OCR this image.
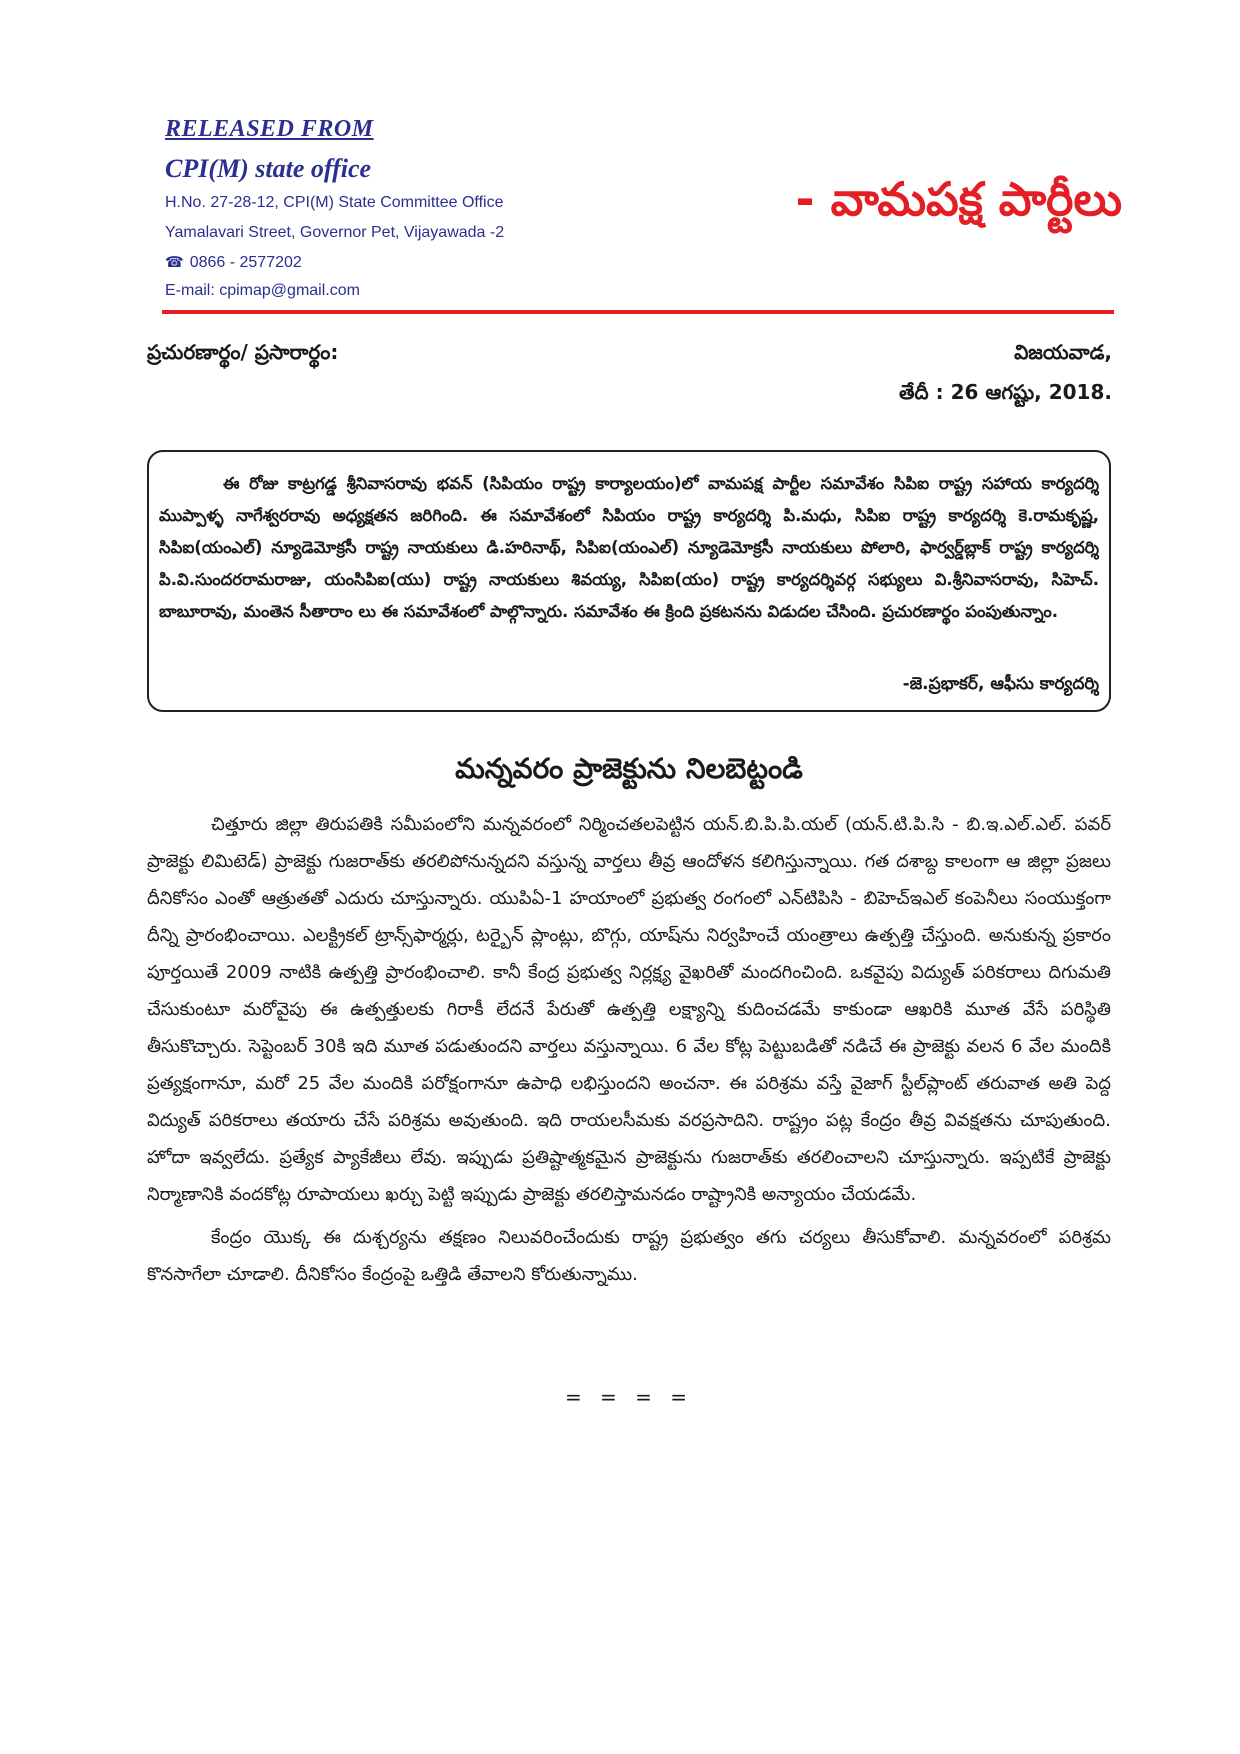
RELEASED FROM
CPI(M) state office
H.No. 27-28-12, CPI(M) State Committee Office
Yamalavari Street, Governor Pet, Vijayawada -2
☎ 0866 - 2577202
E-mail: cpimap@gmail.com
- వామపక్ష పార్టీలు
ప్రచురణార్థం/ ప్రసారార్థం:	విజయవాడ,
తేదీ : 26 ఆగష్టు, 2018.

ఈ రోజు కాట్రగడ్డ శ్రీనివాసరావు భవన్ (సిపియం రాష్ట్ర కార్యాలయం)లో వామపక్ష పార్టీల సమావేశం సిపిఐ రాష్ట్ర సహాయ కార్యదర్శి ముప్పాళ్ళ నాగేశ్వరరావు అధ్యక్షతన జరిగింది. ఈ సమావేశంలో సిపియం రాష్ట్ర కార్యదర్శి పి.మధు, సిపిఐ రాష్ట్ర కార్యదర్శి కె.రామకృష్ణ, సిపిఐ(యంఎల్) న్యూడెమోక్రసీ రాష్ట్ర నాయకులు డి.హరినాథ్, సిపిఐ(యంఎల్) న్యూడెమోక్రసీ నాయకులు పోలారి, ఫార్వర్డ్‌బ్లాక్ రాష్ట్ర కార్యదర్శి పి.వి.సుందరరామరాజు, యంసిపిఐ(యు) రాష్ట్ర నాయకులు శివయ్య, సిపిఐ(యం) రాష్ట్ర కార్యదర్శివర్గ సభ్యులు వి.శ్రీనివాసరావు, సిహెచ్. బాబూరావు, మంతెన సీతారాం లు ఈ సమావేశంలో పాల్గొన్నారు. సమావేశం ఈ క్రింది ప్రకటనను విడుదల చేసింది. ప్రచురణార్థం పంపుతున్నాం.

-జె.ప్రభాకర్, ఆఫీసు కార్యదర్శి
మన్నవరం ప్రాజెక్టును నిలబెట్టండి

చిత్తూరు జిల్లా తిరుపతికి సమీపంలోని మన్నవరంలో నిర్మించతలపెట్టిన యన్.బి.పి.పి.యల్ (యన్.టి.పి.సి - బి.ఇ.ఎల్.ఎల్. పవర్ ప్రాజెక్టు లిమిటెడ్) ప్రాజెక్టు గుజరాత్‌కు తరలిపోనున్నదని వస్తున్న వార్తలు తీవ్ర ఆందోళన కలిగిస్తున్నాయి. గత దశాబ్ద కాలంగా ఆ జిల్లా ప్రజలు దీనికోసం ఎంతో ఆత్రుతతో ఎదురు చూస్తున్నారు. యుపిఏ-1 హయాంలో ప్రభుత్వ రంగంలో ఎన్‌టిపిసి - బిహెచ్ఇఎల్ కంపెనీలు సంయుక్తంగా దీన్ని ప్రారంభించాయి. ఎలక్ట్రికల్ ట్రాన్స్‌ఫార్మర్లు, టర్బైన్ ప్లాంట్లు, బొగ్గు, యాష్‌ను నిర్వహించే యంత్రాలు ఉత్పత్తి చేస్తుంది. అనుకున్న ప్రకారం పూర్తయితే 2009 నాటికి ఉత్పత్తి ప్రారంభించాలి. కానీ కేంద్ర ప్రభుత్వ నిర్లక్ష్య వైఖరితో మందగించింది. ఒకవైపు విద్యుత్ పరికరాలు దిగుమతి చేసుకుంటూ మరోవైపు ఈ ఉత్పత్తులకు గిరాకీ లేదనే పేరుతో ఉత్పత్తి లక్ష్యాన్ని కుదించడమే కాకుండా ఆఖరికి మూత వేసే పరిస్థితి తీసుకొచ్చారు. సెప్టెంబర్ 30కి ఇది మూత పడుతుందని వార్తలు వస్తున్నాయి. 6 వేల కోట్ల పెట్టుబడితో నడిచే ఈ ప్రాజెక్టు వలన 6 వేల మందికి ప్రత్యక్షంగానూ, మరో 25 వేల మందికి పరోక్షంగానూ ఉపాధి లభిస్తుందని అంచనా. ఈ పరిశ్రమ వస్తే వైజాగ్ స్టీల్‌ప్లాంట్ తరువాత అతి పెద్ద విద్యుత్ పరికరాలు తయారు చేసే పరిశ్రమ అవుతుంది. ఇది రాయలసీమకు వరప్రసాదిని. రాష్ట్రం పట్ల కేంద్రం తీవ్ర వివక్షతను చూపుతుంది. హోదా ఇవ్వలేదు. ప్రత్యేక ప్యాకేజీలు లేవు. ఇప్పుడు ప్రతిష్టాత్మకమైన ప్రాజెక్టును గుజరాత్‌కు తరలించాలని చూస్తున్నారు. ఇప్పటికే ప్రాజెక్టు నిర్మాణానికి వందకోట్ల రూపాయలు ఖర్చు పెట్టి ఇప్పుడు ప్రాజెక్టు తరలిస్తామనడం రాష్ట్రానికి అన్యాయం చేయడమే.

కేంద్రం యొక్క ఈ దుశ్చర్యను తక్షణం నిలువరించేందుకు రాష్ట్ర ప్రభుత్వం తగు చర్యలు తీసుకోవాలి. మన్నవరంలో పరిశ్రమ కొనసాగేలా చూడాలి. దీనికోసం కేంద్రంపై ఒత్తిడి తేవాలని కోరుతున్నాము.

= = = =
